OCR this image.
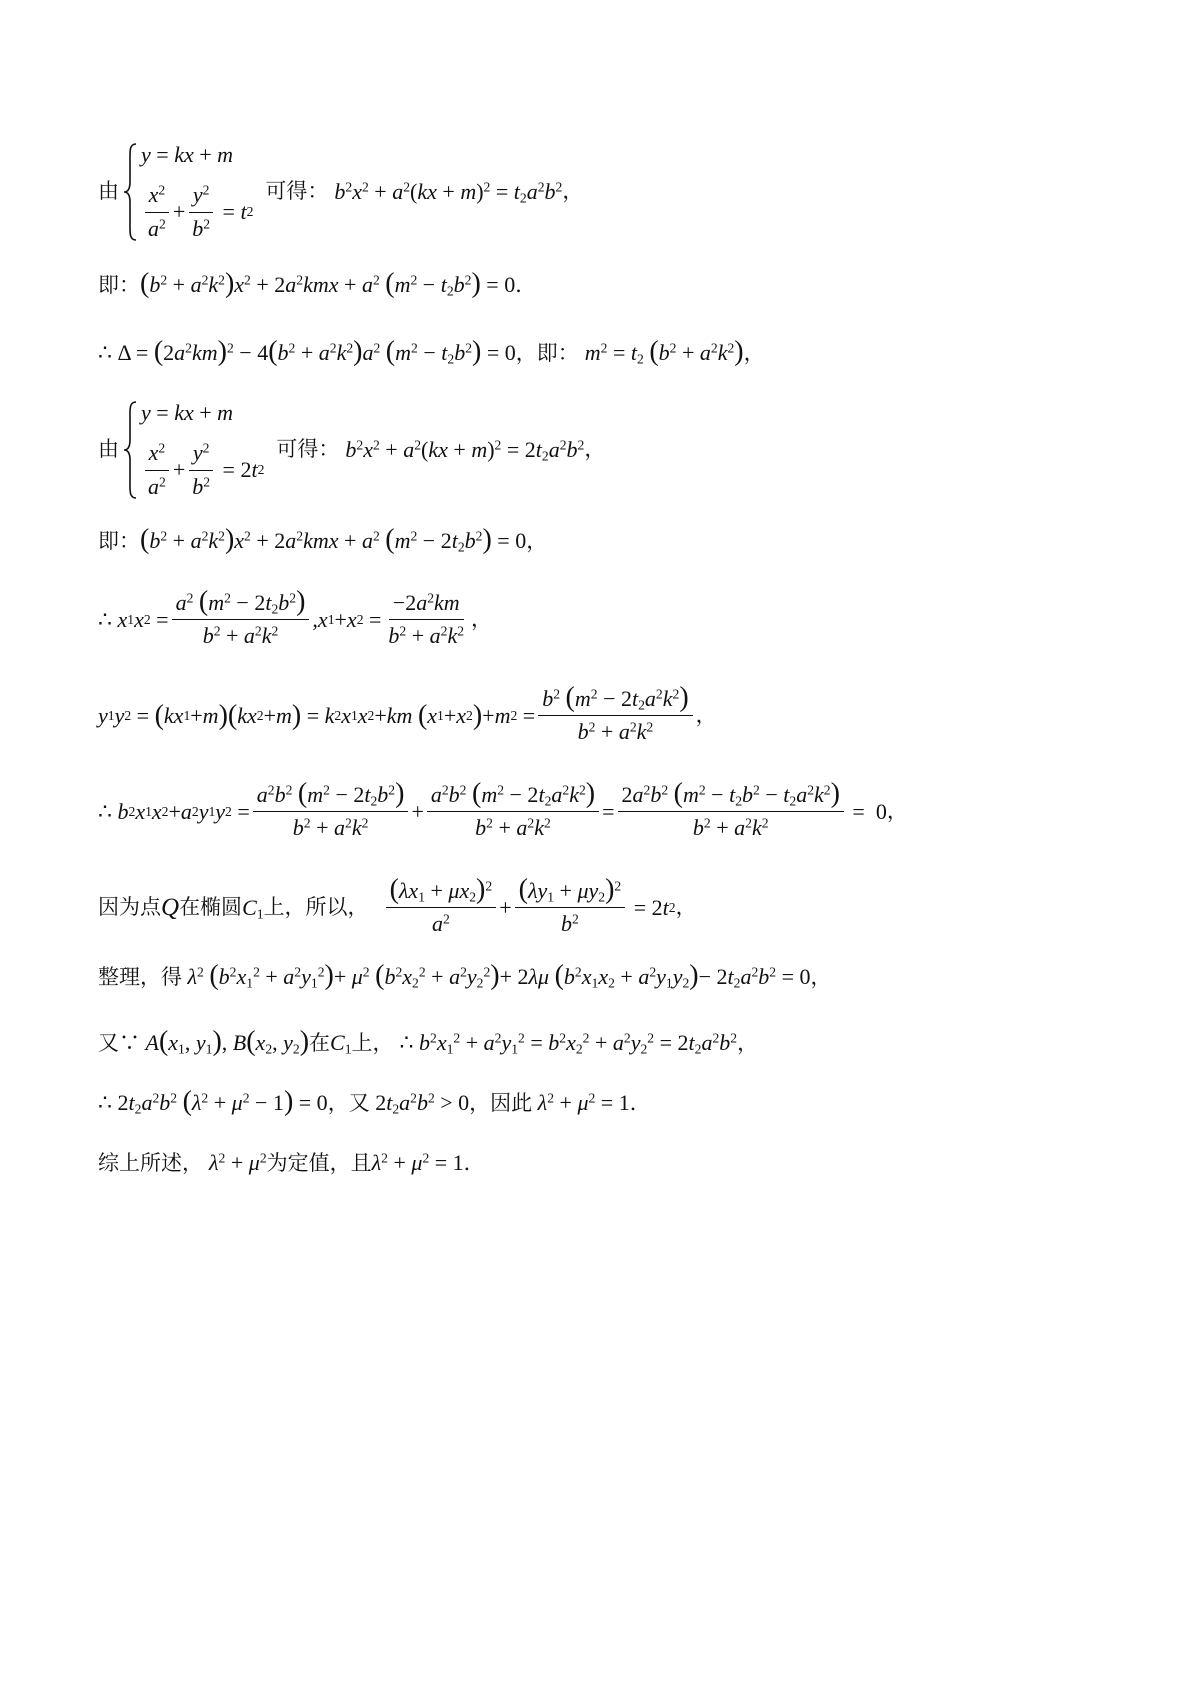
由
y = kx + m
$\frac{x^2}{a^2} + \frac{y^2}{b^2} = t$ 2
可得： $b^2x^2 + a^2(kx + m)^2 = t_2a^2b^2$ ，
即： $(b^2 + a^2k^2)x^2 + 2a^2kmx + a^2$ $(m^2 - t_2b^2) = 0$ ．
∴ $\Delta = (2a^2km)^2 - 4(b^2 + a^2k^2)a^2$ $(m^2 - t_2b^2) = 0$ ， 即： $m^2 = t_2$ $(b^2 + a^2k^2)$ ，
由
y = kx + m
$\frac{x^2}{a^2} + \frac{y^2}{b^2} = 2$ t 2
可得： $b^2x^2 + a^2(kx + m)^2 = 2t_2a^2b^2$ ，
即： $(b^2 + a^2k^2)x^2 + 2a^2kmx + a^2$ $(m^2 - 2t_2b^2) = 0$ ，
∴
x 1 x $2 = \frac{a^2 (m^2 - 2t_2b^2)}{b^2 + a^2k^2}$ , x 1 + x $2 = \frac{-2a^2km}{b^2 + a^2k^2}$ ，
y 1 y 2 = ( kx 1 + m )( kx 2 + m ) = k 2 x 1 x 2 + km
( x 1 + x 2 ) + m $2 = \frac{b^2 (m^2 - 2t_2a^2k^2)}{b^2 + a^2k^2}$ ，
∴
b 2 x 1 x 2 + a 2 y 1 y $2 = \frac{a^2b^2 (m^2 - 2t_2b^2)}{b^2 + a^2k^2} + \frac{a^2b^2 (m^2 - 2t_2a^2k^2)}{b^2 + a^2k^2} = \frac{2a^2b^2 (m^2 - t_2b^2 - t_2a^2k^2)}{b^2 + a^2k^2} = 0$ ，
因为点 Q 在椭圆 $C_1$ 上，所以， $\frac{(\lambda x_1 + \mu x_2)^2}{a^2} + \frac{(\lambda y_1 + \mu y_2)^2}{b^2} = 2$ t 2 ，
整理，得 $\lambda^2$ $(b^2x_1^2 + a^2y_1^2)+ \mu^2$ $(b^2x_2^2 + a^2y_2^2)+ 2\lambda\mu$ $(b^2x_1x_2 + a^2y_1y_2)- 2t_2a^2b^2 = 0$ ，
又∵ $A(x_1$, $y_1$), $B(x_2$, $y_2$) 在 $C_1$ 上， ∴ $b^2x_1^2 + a^2y_1^2 = b^2x_2^2 + a^2y_2^2 = 2t_2a^2b^2$ ，
∴ $2t_2a^2b^2$ $(\lambda^2 + \mu^2 - 1) = 0$ ， 又 $2t_2a^2b^2 > 0$ ， 因此 $\lambda^2 + \mu^2 = 1$ ．
综上所述， $\lambda^2 + \mu^2$ 为定值，且 $\lambda^2 + \mu^2 = 1$ ．
